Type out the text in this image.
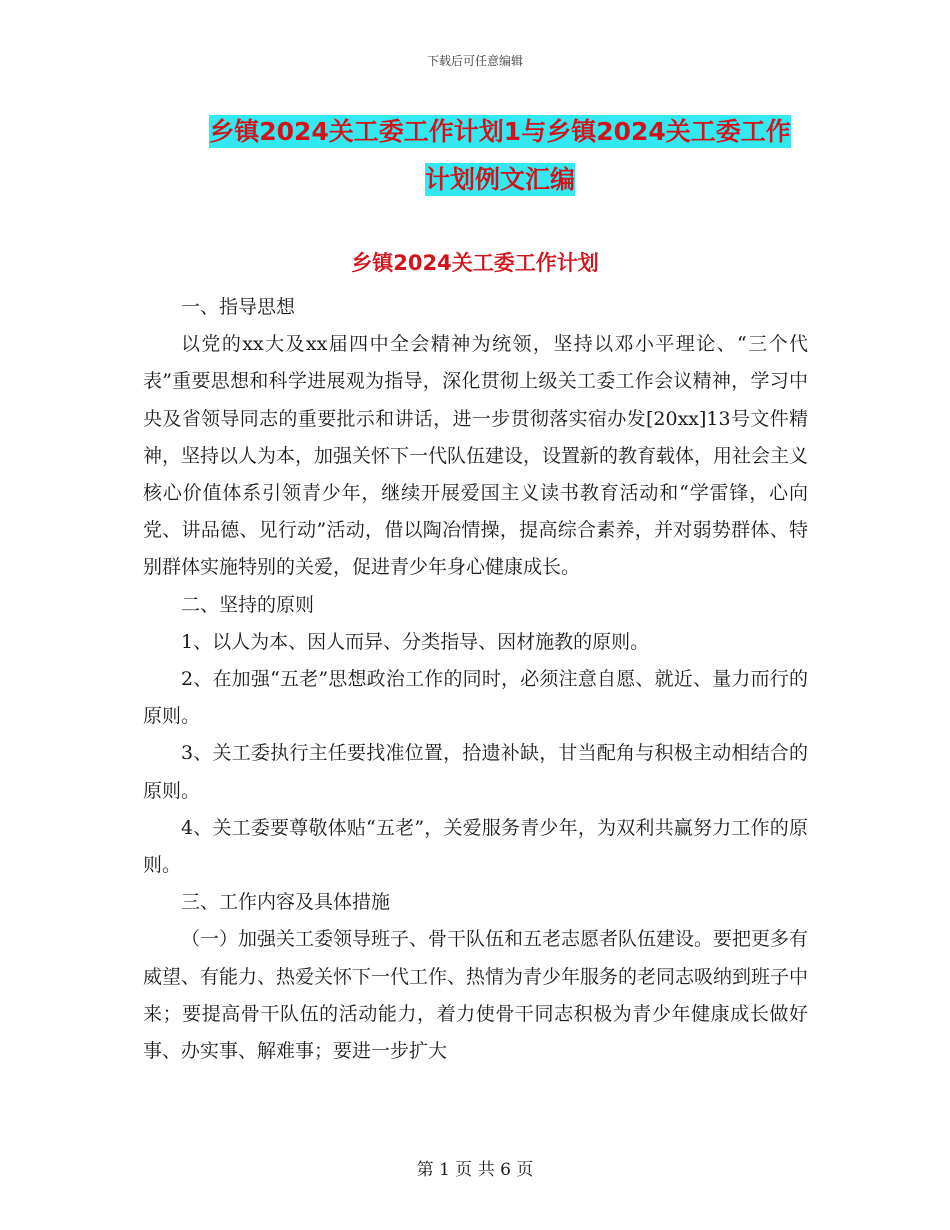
下载后可任意编辑
乡镇2024关工委工作计划1与乡镇2024关工委工作
计划例文汇编
乡镇2024关工委工作计划

一、指导思想

以党的xx大及xx届四中全会精神为统领，坚持以邓小平理论、“三个代表”重要思想和科学进展观为指导，深化贯彻上级关工委工作会议精神，学习中央及省领导同志的重要批示和讲话，进一步贯彻落实宿办发[20xx]13号文件精神，坚持以人为本，加强关怀下一代队伍建设，设置新的教育载体，用社会主义核心价值体系引领青少年，继续开展爱国主义读书教育活动和“学雷锋，心向党、讲品德、见行动”活动，借以陶冶情操，提高综合素养，并对弱势群体、特别群体实施特别的关爱，促进青少年身心健康成长。

二、坚持的原则

1、以人为本、因人而异、分类指导、因材施教的原则。

2、在加强“五老”思想政治工作的同时，必须注意自愿、就近、量力而行的原则。

3、关工委执行主任要找准位置，拾遗补缺，甘当配角与积极主动相结合的原则。

4、关工委要尊敬体贴“五老”，关爱服务青少年，为双利共赢努力工作的原则。

三、工作内容及具体措施

（一）加强关工委领导班子、骨干队伍和五老志愿者队伍建设。要把更多有威望、有能力、热爱关怀下一代工作、热情为青少年服务的老同志吸纳到班子中来；要提高骨干队伍的活动能力，着力使骨干同志积极为青少年健康成长做好事、办实事、解难事；要进一步扩大

第 1 页 共 6 页
